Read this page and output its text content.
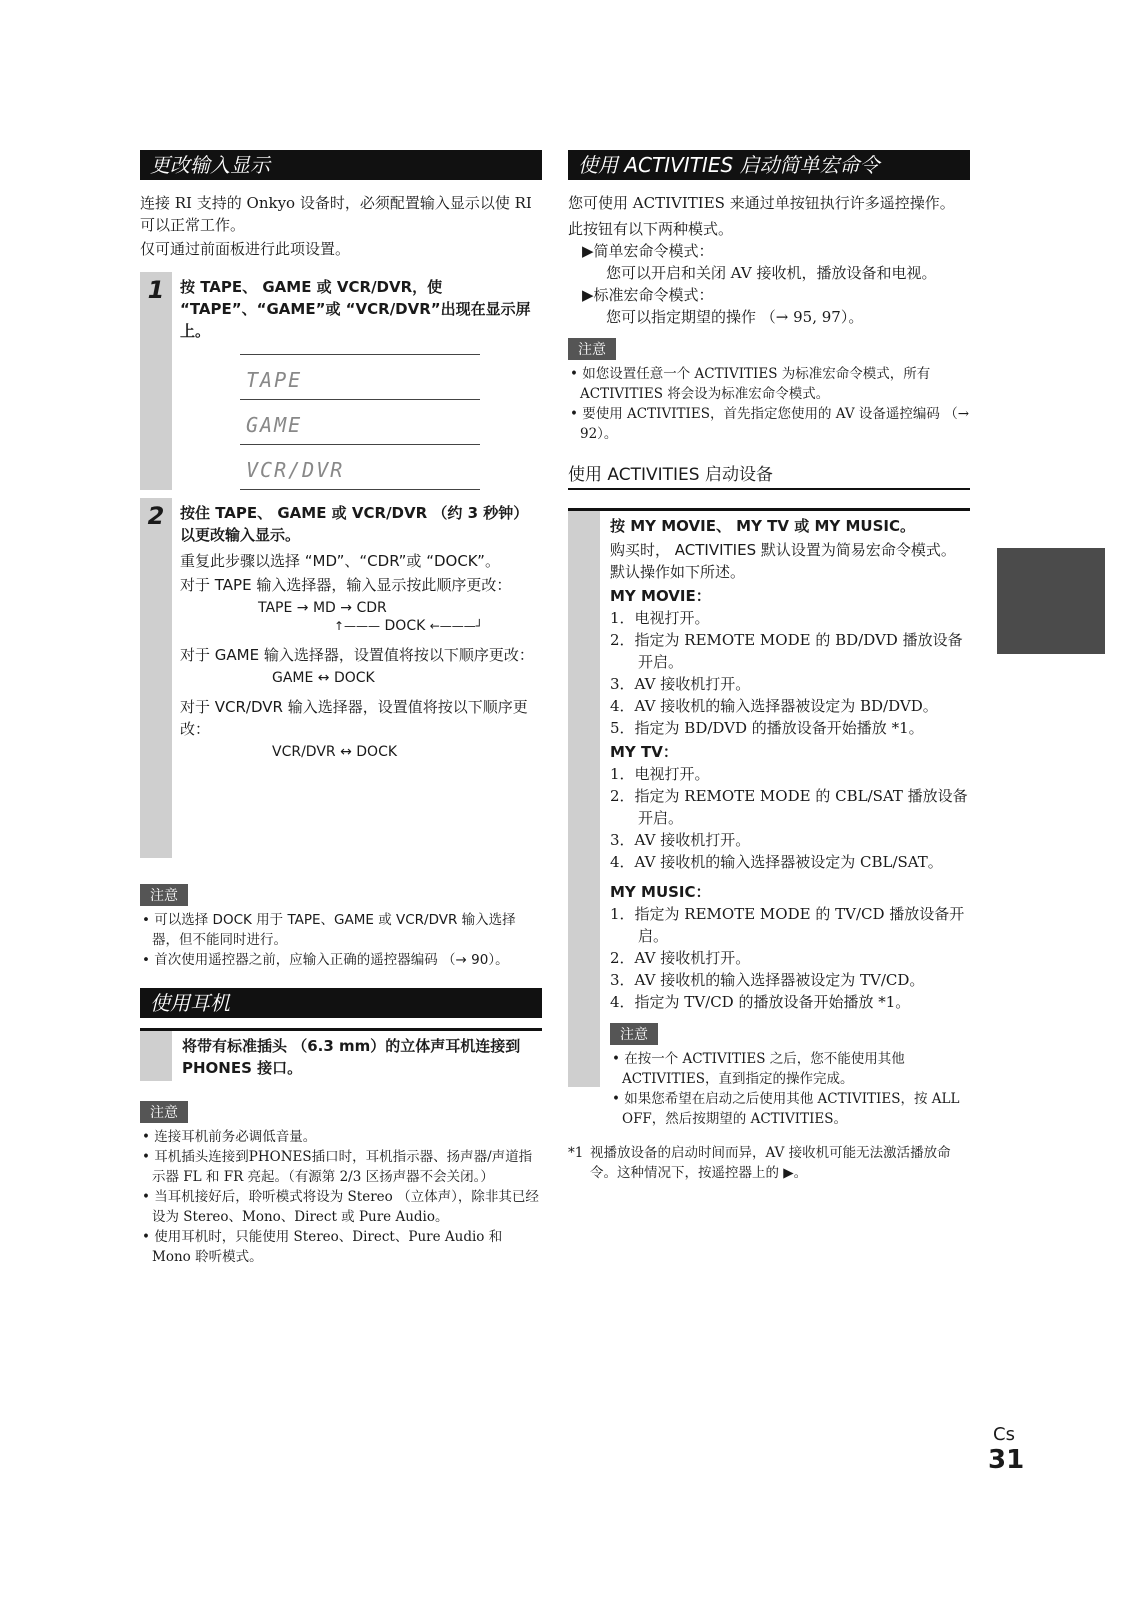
更改输入显示

连接 RI 支持的 Onkyo 设备时，必须配置输入显示以使 RI 可以正常工作。

仅可通过前面板进行此项设置。

1	按 TAPE、 GAME 或 VCR/DVR，使 “TAPE”、“GAME”或 “VCR/DVR”出现在显示屏上。

TAPE
GAME
VCR/DVR
2	按住 TAPE、 GAME 或 VCR/DVR （约 3 秒钟）以更改输入显示。

重复此步骤以选择 “MD”、“CDR”或 “DOCK”。

对于 TAPE 输入选择器，输入显示按此顺序更改：

TAPE → MD → CDR
↑——— DOCK ←———┘

对于 GAME 输入选择器，设置值将按以下顺序更改：

GAME ↔ DOCK

对于 VCR/DVR 输入选择器，设置值将按以下顺序更改：

VCR/DVR ↔ DOCK
注意
• 可以选择 DOCK 用于 TAPE、GAME 或 VCR/DVR 输入选择器，但不能同时进行。
• 首次使用遥控器之前，应输入正确的遥控器编码 （→ 90）。
使用耳机

将带有标准插头 （6.3 mm）的立体声耳机连接到 PHONES 接口。

注意
• 连接耳机前务必调低音量。
• 耳机插头连接到PHONES插口时，耳机指示器、扬声器/声道指示器 FL 和 FR 亮起。（有源第 2/3 区扬声器不会关闭。）
• 当耳机接好后，聆听模式将设为 Stereo （立体声），除非其已经设为 Stereo、Mono、Direct 或 Pure Audio。
• 使用耳机时，只能使用 Stereo、Direct、Pure Audio 和 Mono 聆听模式。
使用 ACTIVITIES 启动简单宏命令

您可使用 ACTIVITIES 来通过单按钮执行许多遥控操作。

此按钮有以下两种模式。

▶简单宏命令模式：

您可以开启和关闭 AV 接收机，播放设备和电视。

▶标准宏命令模式：

您可以指定期望的操作 （→ 95, 97）。

注意
• 如您设置任意一个 ACTIVITIES 为标准宏命令模式，所有 ACTIVITIES 将会设为标准宏命令模式。
• 要使用 ACTIVITIES，首先指定您使用的 AV 设备遥控编码 （→ 92）。
使用 ACTIVITIES 启动设备

按 MY MOVIE、 MY TV 或 MY MUSIC。

购买时， ACTIVITIES 默认设置为简易宏命令模式。

默认操作如下所述。

MY MOVIE：

1．电视打开。
2．指定为 REMOTE MODE 的 BD/DVD 播放设备开启。
3．AV 接收机打开。
4．AV 接收机的输入选择器被设定为 BD/DVD。
5．指定为 BD/DVD 的播放设备开始播放 *1。

MY TV：

1．电视打开。
2．指定为 REMOTE MODE 的 CBL/SAT 播放设备开启。
3．AV 接收机打开。
4．AV 接收机的输入选择器被设定为 CBL/SAT。

MY MUSIC：

1．指定为 REMOTE MODE 的 TV/CD 播放设备开启。
2．AV 接收机打开。
3．AV 接收机的输入选择器被设定为 TV/CD。
4．指定为 TV/CD 的播放设备开始播放 *1。
注意
• 在按一个 ACTIVITIES 之后，您不能使用其他 ACTIVITIES，直到指定的操作完成。
• 如果您希望在启动之后使用其他 ACTIVITIES，按 ALL OFF，然后按期望的 ACTIVITIES。
*1 视播放设备的启动时间而异，AV 接收机可能无法激活播放命令。这种情况下，按遥控器上的 ▶。
Cs
31
